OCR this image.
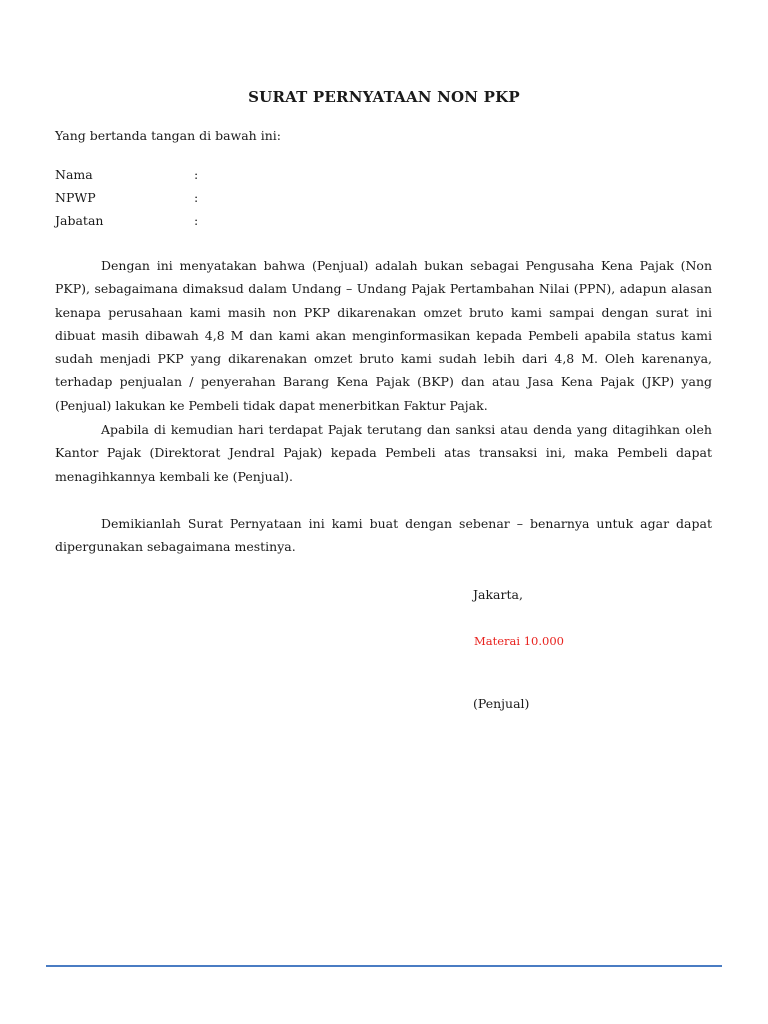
SURAT PERNYATAAN NON PKP
Yang bertanda tangan di bawah ini:
Nama	:
NPWP	:
Jabatan	:

Dengan ini menyatakan bahwa (Penjual) adalah bukan sebagai Pengusaha Kena Pajak (Non PKP), sebagaimana dimaksud dalam Undang – Undang Pajak Pertambahan Nilai (PPN), adapun alasan kenapa perusahaan kami masih non PKP dikarenakan omzet bruto kami sampai dengan surat ini dibuat masih dibawah 4,8 M dan kami akan menginformasikan kepada Pembeli apabila status kami sudah menjadi PKP yang dikarenakan omzet bruto kami sudah lebih dari 4,8 M. Oleh karenanya, terhadap penjualan / penyerahan Barang Kena Pajak (BKP) dan atau Jasa Kena Pajak (JKP) yang (Penjual) lakukan ke Pembeli tidak dapat menerbitkan Faktur Pajak.

Apabila di kemudian hari terdapat Pajak terutang dan sanksi atau denda yang ditagihkan oleh Kantor Pajak (Direktorat Jendral Pajak) kepada Pembeli atas transaksi ini, maka Pembeli dapat menagihkannya kembali ke (Penjual).

Demikianlah Surat Pernyataan ini kami buat dengan sebenar – benarnya untuk agar dapat dipergunakan sebagaimana mestinya.

Jakarta,
Materai 10.000
(Penjual)
